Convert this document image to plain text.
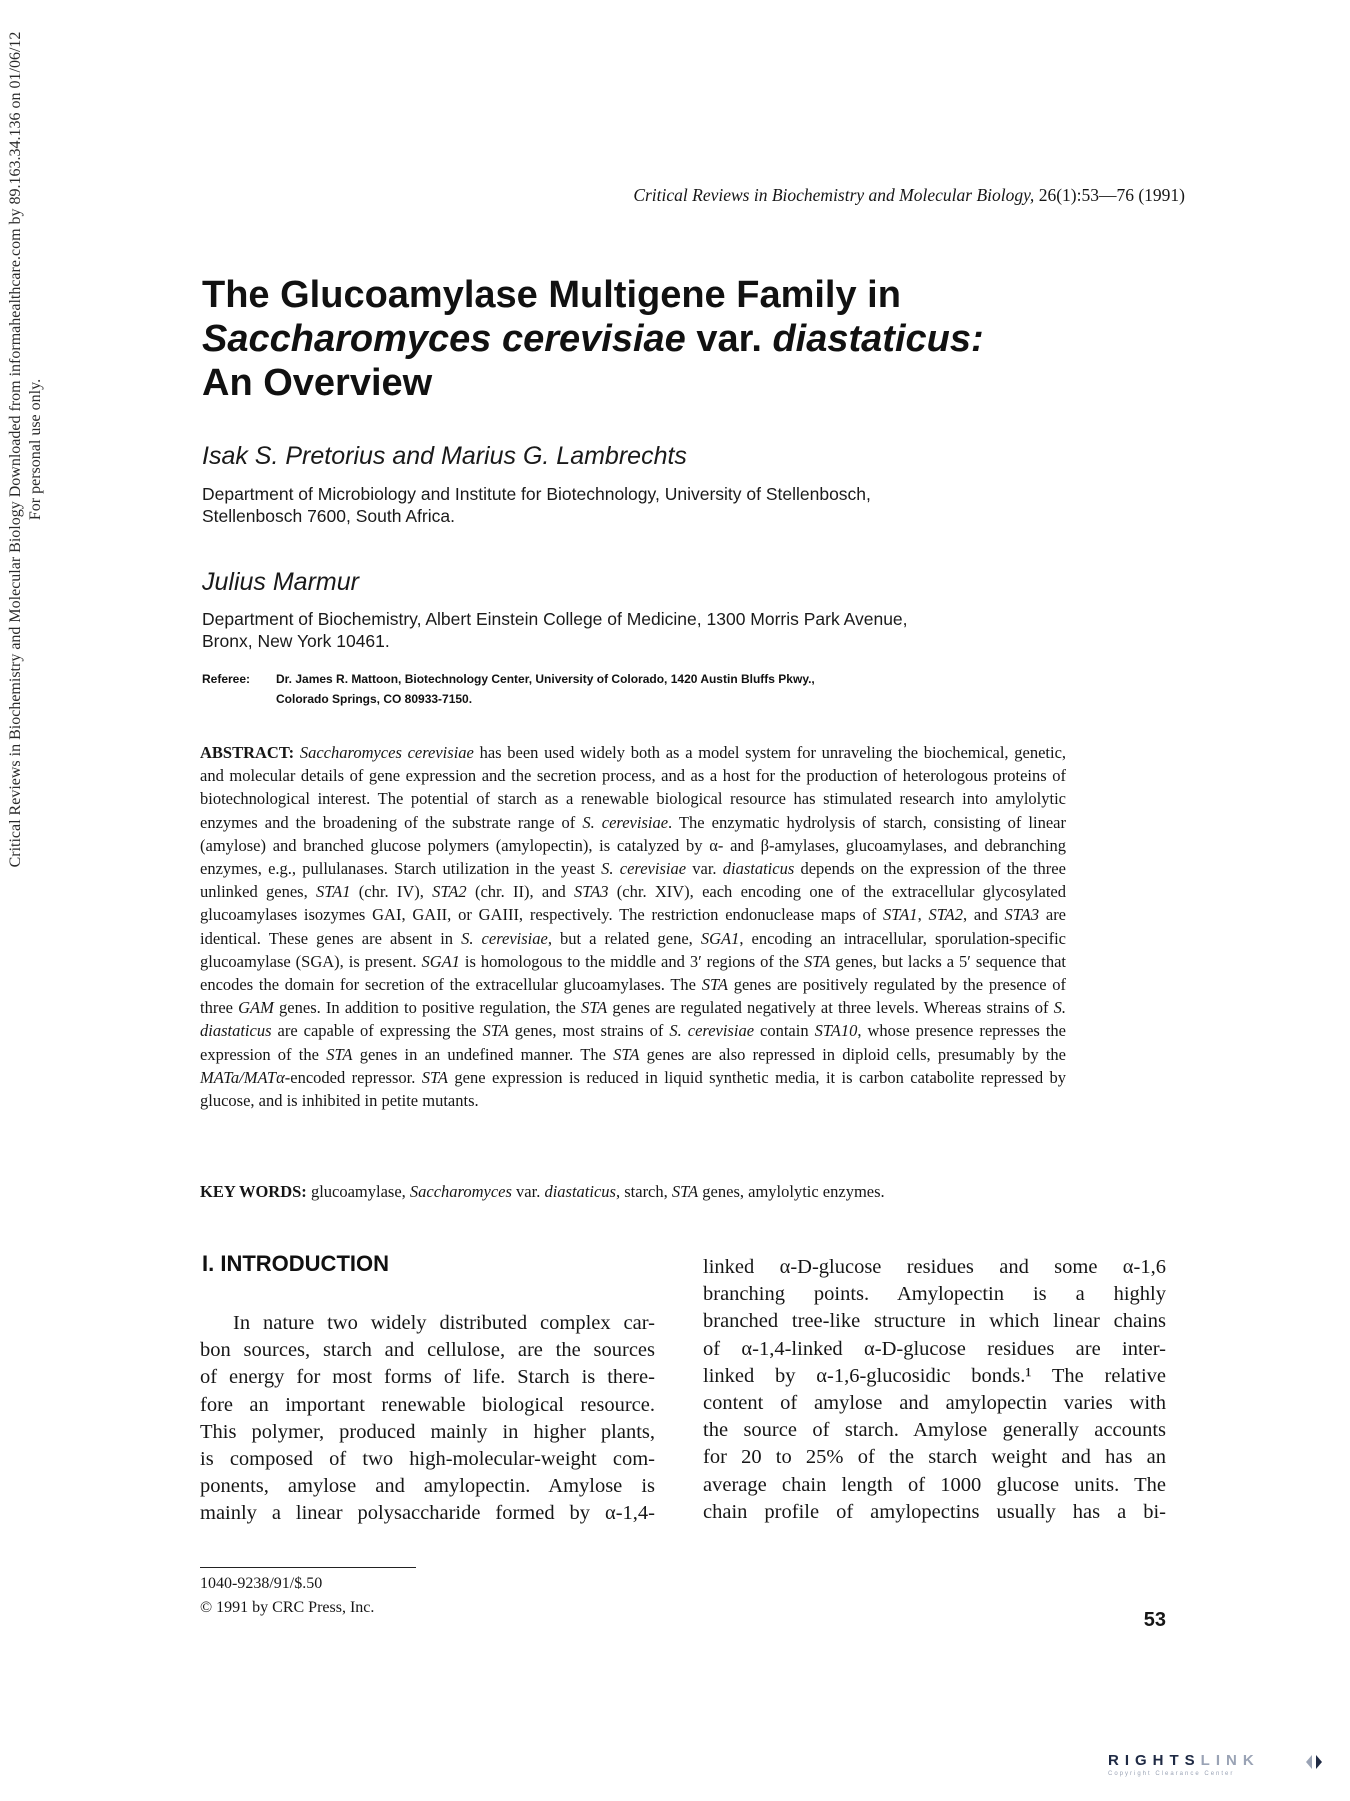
Critical Reviews in Biochemistry and Molecular Biology Downloaded from informahealthcare.com by 89.163.34.136 on 01/06/12 For personal use only.
Critical Reviews in Biochemistry and Molecular Biology, 26(1):53—76 (1991)
The Glucoamylase Multigene Family in
Saccharomyces cerevisiae var. diastaticus:
An Overview
Isak S. Pretorius and Marius G. Lambrechts
Department of Microbiology and Institute for Biotechnology, University of Stellenbosch,
Stellenbosch 7600, South Africa.
Julius Marmur
Department of Biochemistry, Albert Einstein College of Medicine, 1300 Morris Park Avenue,
Bronx, New York 10461.
Referee: Dr. James R. Mattoon, Biotechnology Center, University of Colorado, 1420 Austin Bluffs Pkwy.,
Colorado Springs, CO 80933-7150.
ABSTRACT: Saccharomyces cerevisiae has been used widely both as a model system for unraveling the biochemical, genetic, and molecular details of gene expression and the secretion process, and as a host for the production of heterologous proteins of biotechnological interest. The potential of starch as a renewable biological resource has stimulated research into amylolytic enzymes and the broadening of the substrate range of S. cerevisiae. The enzymatic hydrolysis of starch, consisting of linear (amylose) and branched glucose polymers (amylopectin), is catalyzed by α- and β-amylases, glucoamylases, and debranching enzymes, e.g., pullulanases. Starch utilization in the yeast S. cerevisiae var. diastaticus depends on the expression of the three unlinked genes, STA1 (chr. IV), STA2 (chr. II), and STA3 (chr. XIV), each encoding one of the extracellular glycosylated glucoamylases isozymes GAI, GAII, or GAIII, respectively. The restriction endonuclease maps of STA1, STA2, and STA3 are identical. These genes are absent in S. cerevisiae, but a related gene, SGA1, encoding an intracellular, sporulation-specific glucoamylase (SGA), is present. SGA1 is homologous to the middle and 3′ regions of the STA genes, but lacks a 5′ sequence that encodes the domain for secretion of the extracellular glucoamylases. The STA genes are positively regulated by the presence of three GAM genes. In addition to positive regulation, the STA genes are regulated negatively at three levels. Whereas strains of S. diastaticus are capable of expressing the STA genes, most strains of S. cerevisiae contain STA10, whose presence represses the expression of the STA genes in an undefined manner. The STA genes are also repressed in diploid cells, presumably by the MATa/MATα-encoded repressor. STA gene expression is reduced in liquid synthetic media, it is carbon catabolite repressed by glucose, and is inhibited in petite mutants.
KEY WORDS: glucoamylase, Saccharomyces var. diastaticus, starch, STA genes, amylolytic enzymes.
I. INTRODUCTION
In nature two widely distributed complex car-
bon sources, starch and cellulose, are the sources
of energy for most forms of life. Starch is there-
fore an important renewable biological resource.
This polymer, produced mainly in higher plants,
is composed of two high-molecular-weight com-
ponents, amylose and amylopectin. Amylose is
mainly a linear polysaccharide formed by α-1,4-
linked α-D-glucose residues and some α-1,6
branching points. Amylopectin is a highly
branched tree-like structure in which linear chains
of α-1,4-linked α-D-glucose residues are inter-
linked by α-1,6-glucosidic bonds.¹ The relative
content of amylose and amylopectin varies with
the source of starch. Amylose generally accounts
for 20 to 25% of the starch weight and has an
average chain length of 1000 glucose units. The
chain profile of amylopectins usually has a bi-
1040-9238/91/$.50
© 1991 by CRC Press, Inc.
53
RIGHTSLINK
Copyright Clearance Center
